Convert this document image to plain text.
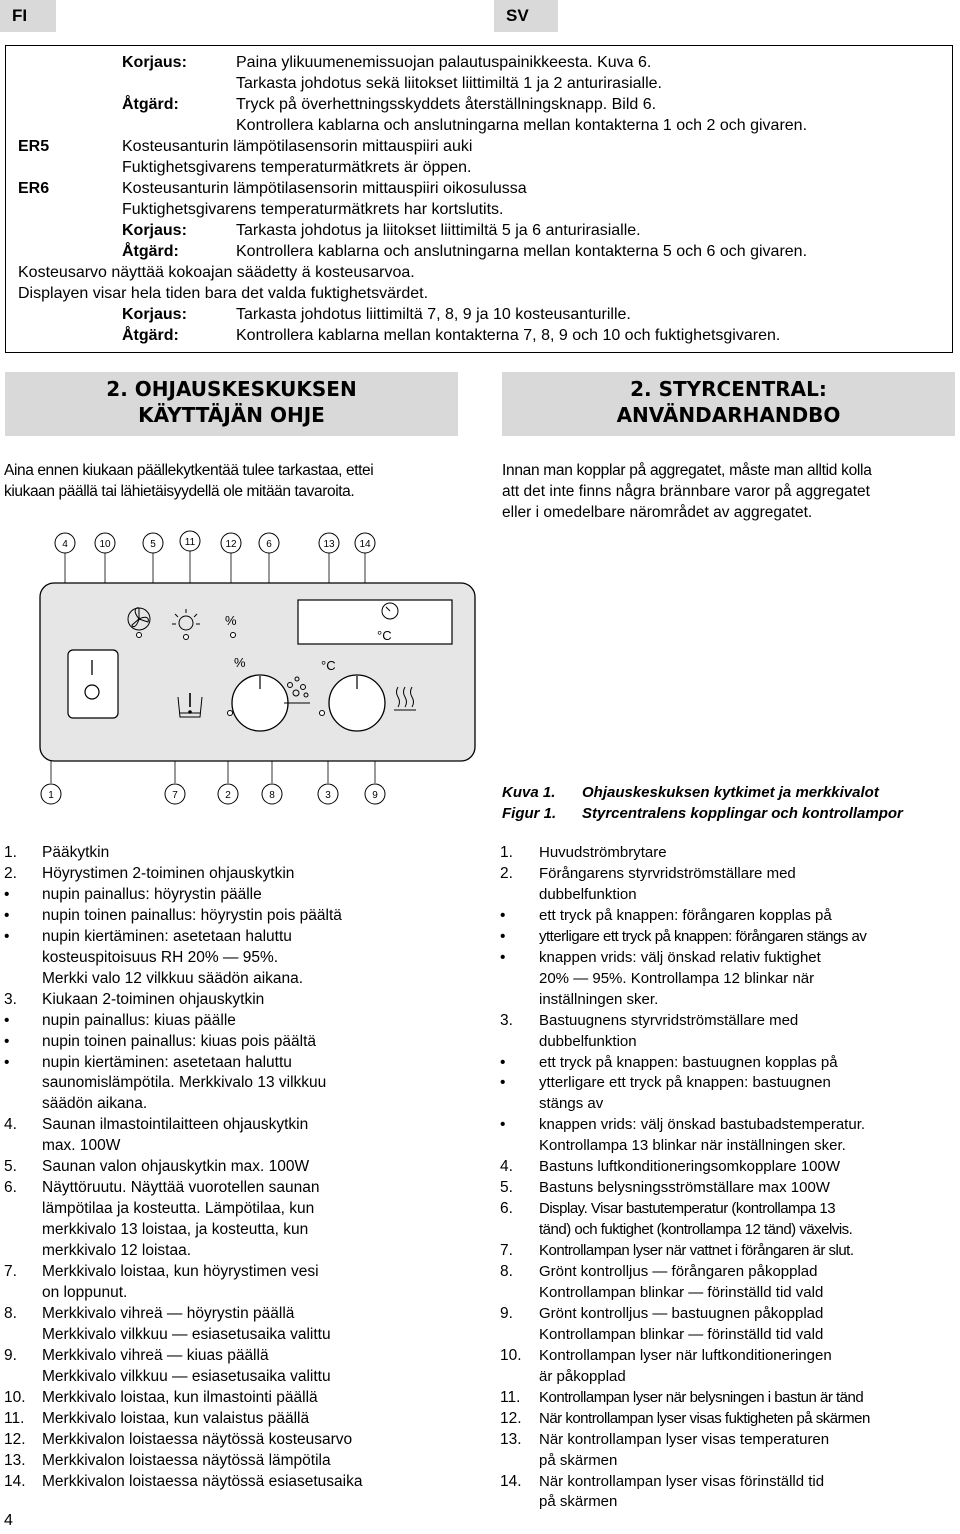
FI	SV
Korjaus:	Paina ylikuumenemissuojan palautuspainikkeesta. Kuva 6.
Tarkasta johdotus sekä liitokset liittimiltä 1 ja 2 anturirasialle.
Åtgärd:	Tryck på överhettningsskyddets återställningsknapp. Bild 6.
Kontrollera kablarna och anslutningarna mellan kontakterna 1 och 2 och givaren.
ER5	Kosteusanturin lämpötilasensorin mittauspiiri auki
Fuktighetsgivarens temperaturmätkrets är öppen.
ER6	Kosteusanturin lämpötilasensorin mittauspiiri oikosulussa
Fuktighetsgivarens temperaturmätkrets har kortslutits.
Korjaus:	Tarkasta johdotus ja liitokset liittimiltä 5 ja 6 anturirasialle.
Åtgärd:	Kontrollera kablarna och anslutningarna mellan kontakterna 5 och 6 och givaren.
Kosteusarvo näyttää kokoajan säädetty ä kosteusarvoa.
Displayen visar hela tiden bara det valda fuktighetsvärdet.
Korjaus:	Tarkasta johdotus liittimiltä 7, 8, 9 ja 10 kosteusanturille.
Åtgärd:	Kontrollera kablarna mellan kontakterna 7, 8, 9 och 10 och fuktighetsgivaren.
2. OHJAUSKESKUKSEN
KÄYTTÄJÄN OHJE
2. STYRCENTRAL:
ANVÄNDARHANDBO
Aina ennen kiukaan päällekytkentää tulee tarkastaa, ettei
kiukaan päällä tai lähietäisyydellä ole mitään tavaroita.
Innan man kopplar på aggregatet, måste man alltid kolla
att det inte finns några brännbare varor på aggregatet
eller i omedelbare närområdet av aggregatet.
%
°C
%	°C
4	10	5	11	12	6	13 14
1	7	2	8	3	9	Kuva 1. Ohjauskeskuksen kytkimet ja merkkivalot
Figur 1. Styrcentralens kopplingar och kontrollampor
1. Pääkytkin
2. Höyrystimen 2-toiminen ohjauskytkin
• nupin painallus: höyrystin päälle
• nupin toinen painallus: höyrystin pois päältä
• nupin kiertäminen: asetetaan haluttu
kosteuspitoisuus RH 20% — 95%.
Merkki valo 12 vilkkuu säädön aikana.
3. Kiukaan 2-toiminen ohjauskytkin
• nupin painallus: kiuas päälle
• nupin toinen painallus: kiuas pois päältä
• nupin kiertäminen: asetetaan haluttu
saunomislämpötila. Merkkivalo 13 vilkkuu
säädön aikana.
4. Saunan ilmastointilaitteen ohjauskytkin
max. 100W
5. Saunan valon ohjauskytkin max. 100W
6. Näyttöruutu. Näyttää vuorotellen saunan
lämpötilaa ja kosteutta. Lämpötilaa, kun
merkkivalo 13 loistaa, ja kosteutta, kun
merkkivalo 12 loistaa.
7. Merkkivalo loistaa, kun höyrystimen vesi
on loppunut.
8. Merkkivalo vihreä — höyrystin päällä
Merkkivalo vilkkuu — esiasetusaika valittu
9. Merkkivalo vihreä — kiuas päällä
Merkkivalo vilkkuu — esiasetusaika valittu
10. Merkkivalo loistaa, kun ilmastointi päällä
11. Merkkivalo loistaa, kun valaistus päällä
12. Merkkivalon loistaessa näytössä kosteusarvo
13. Merkkivalon loistaessa näytössä lämpötila
14. Merkkivalon loistaessa näytössä esiasetusaika
1. Huvudströmbrytare
2. Förångarens styrvridströmställare med
dubbelfunktion
• ett tryck på knappen: förångaren kopplas på
• ytterligare ett tryck på knappen: förångaren stängs av
• knappen vrids: välj önskad relativ fuktighet
20% — 95%. Kontrollampa 12 blinkar när
inställningen sker.
3. Bastuugnens styrvridströmställare med
dubbelfunktion
• ett tryck på knappen: bastuugnen kopplas på
• ytterligare ett tryck på knappen: bastuugnen
stängs av
• knappen vrids: välj önskad bastubadstemperatur.
Kontrollampa 13 blinkar när inställningen sker.
4. Bastuns luftkonditioneringsomkopplare 100W
5. Bastuns belysningsströmställare max 100W
6. Display. Visar bastutemperatur (kontrollampa 13
tänd) och fuktighet (kontrollampa 12 tänd) växelvis.
7. Kontrollampan lyser när vattnet i förångaren är slut.
8. Grönt kontrolljus — förångaren påkopplad
Kontrollampan blinkar — förinställd tid vald
9. Grönt kontrolljus — bastuugnen påkopplad
Kontrollampan blinkar — förinställd tid vald
10. Kontrollampan lyser när luftkonditioneringen
är påkopplad
11. Kontrollampan lyser när belysningen i bastun är tänd
12. När kontrollampan lyser visas fuktigheten på skärmen
13. När kontrollampan lyser visas temperaturen
på skärmen
14. När kontrollampan lyser visas förinställd tid
på skärmen
4
